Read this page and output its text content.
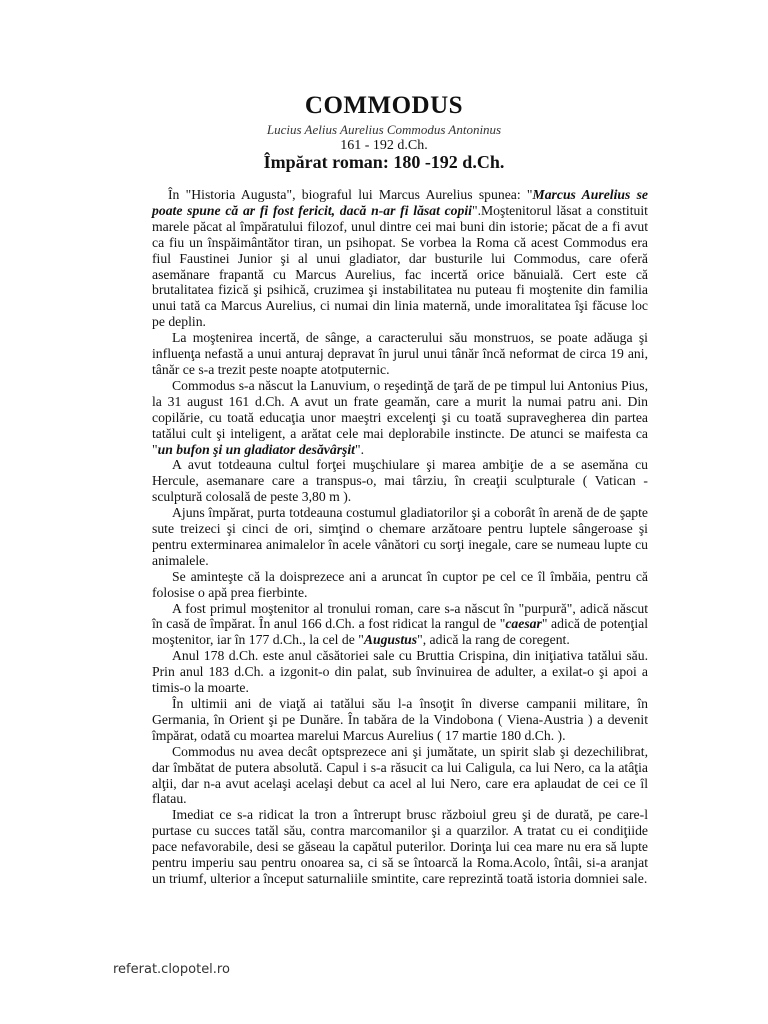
COMMODUS
Lucius Aelius Aurelius Commodus Antoninus
161 - 192 d.Ch.
Împărat roman: 180 -192 d.Ch.

În "Historia Augusta", biograful lui Marcus Aurelius spunea: "Marcus Aurelius se poate spune că ar fi fost fericit, dacă n-ar fi lăsat copii".Moştenitorul lăsat a constituit marele păcat al împăratului filozof, unul dintre cei mai buni din istorie; păcat de a fi avut ca fiu un înspăimântător tiran, un psihopat. Se vorbea la Roma că acest Commodus era fiul Faustinei Junior şi al unui gladiator, dar busturile lui Commodus, care oferă asemănare frapantă cu Marcus Aurelius, fac incertă orice bănuială. Cert este că brutalitatea fizică şi psihică, cruzimea şi instabilitatea nu puteau fi moştenite din familia unui tată ca Marcus Aurelius, ci numai din linia maternă, unde imoralitatea îşi făcuse loc pe deplin.

La moştenirea incertă, de sânge, a caracterului său monstruos, se poate adăuga şi influenţa nefastă a unui anturaj depravat în jurul unui tânăr încă neformat de circa 19 ani, tânăr ce s-a trezit peste noapte atotputernic.

Commodus s-a născut la Lanuvium, o reşedinţă de ţară de pe timpul lui Antonius Pius, la 31 august 161 d.Ch. A avut un frate geamăn, care a murit la numai patru ani. Din copilărie, cu toată educaţia unor maeştri excelenţi şi cu toată supravegherea din partea tatălui cult şi inteligent, a arătat cele mai deplorabile instincte. De atunci se maifesta ca "un bufon şi un gladiator desăvârşit".

A avut totdeauna cultul forţei muşchiulare şi marea ambiţie de a se asemăna cu Hercule, asemanare care a transpus-o, mai târziu, în creaţii sculpturale ( Vatican - sculptură colosală de peste 3,80 m ).

Ajuns împărat, purta totdeauna costumul gladiatorilor şi a coborât în arenă de de şapte sute treizeci şi cinci de ori, simţind o chemare arzătoare pentru luptele sângeroase şi pentru exterminarea animalelor în acele vânători cu sorţi inegale, care se numeau lupte cu animalele.

Se aminteşte că la doisprezece ani a aruncat în cuptor pe cel ce îl îmbăia, pentru că folosise o apă prea fierbinte.

A fost primul moştenitor al tronului roman, care s-a născut în "purpură", adică născut în casă de împărat. În anul 166 d.Ch. a fost ridicat la rangul de "caesar" adică de potenţial moştenitor, iar în 177 d.Ch., la cel de "Augustus", adică la rang de coregent.

Anul 178 d.Ch. este anul căsătoriei sale cu Bruttia Crispina, din iniţiativa tatălui său. Prin anul 183 d.Ch. a izgonit-o din palat, sub învinuirea de adulter, a exilat-o şi apoi a timis-o la moarte.

În ultimii ani de viaţă ai tatălui său l-a însoţit în diverse campanii militare, în Germania, în Orient şi pe Dunăre. În tabăra de la Vindobona ( Viena-Austria ) a devenit împărat, odată cu moartea marelui Marcus Aurelius ( 17 martie 180 d.Ch. ).

Commodus nu avea decât optsprezece ani şi jumătate, un spirit slab şi dezechilibrat, dar îmbătat de putera absolută. Capul i s-a răsucit ca lui Caligula, ca lui Nero, ca la atâţia alţii, dar n-a avut acelaşi acelaşi debut ca acel al lui Nero, care era aplaudat de cei ce îl flatau.

Imediat ce s-a ridicat la tron a întrerupt brusc războiul greu şi de durată, pe care-l purtase cu succes tatăl său, contra marcomanilor şi a quarzilor. A tratat cu ei condiţiide pace nefavorabile, desi se găseau la capătul puterilor. Dorinţa lui cea mare nu era să lupte pentru imperiu sau pentru onoarea sa, ci să se întoarcă la Roma.Acolo, întâi, si-a aranjat un triumf, ulterior a început saturnaliile smintite, care reprezintă toată istoria domniei sale.

referat.clopotel.ro
